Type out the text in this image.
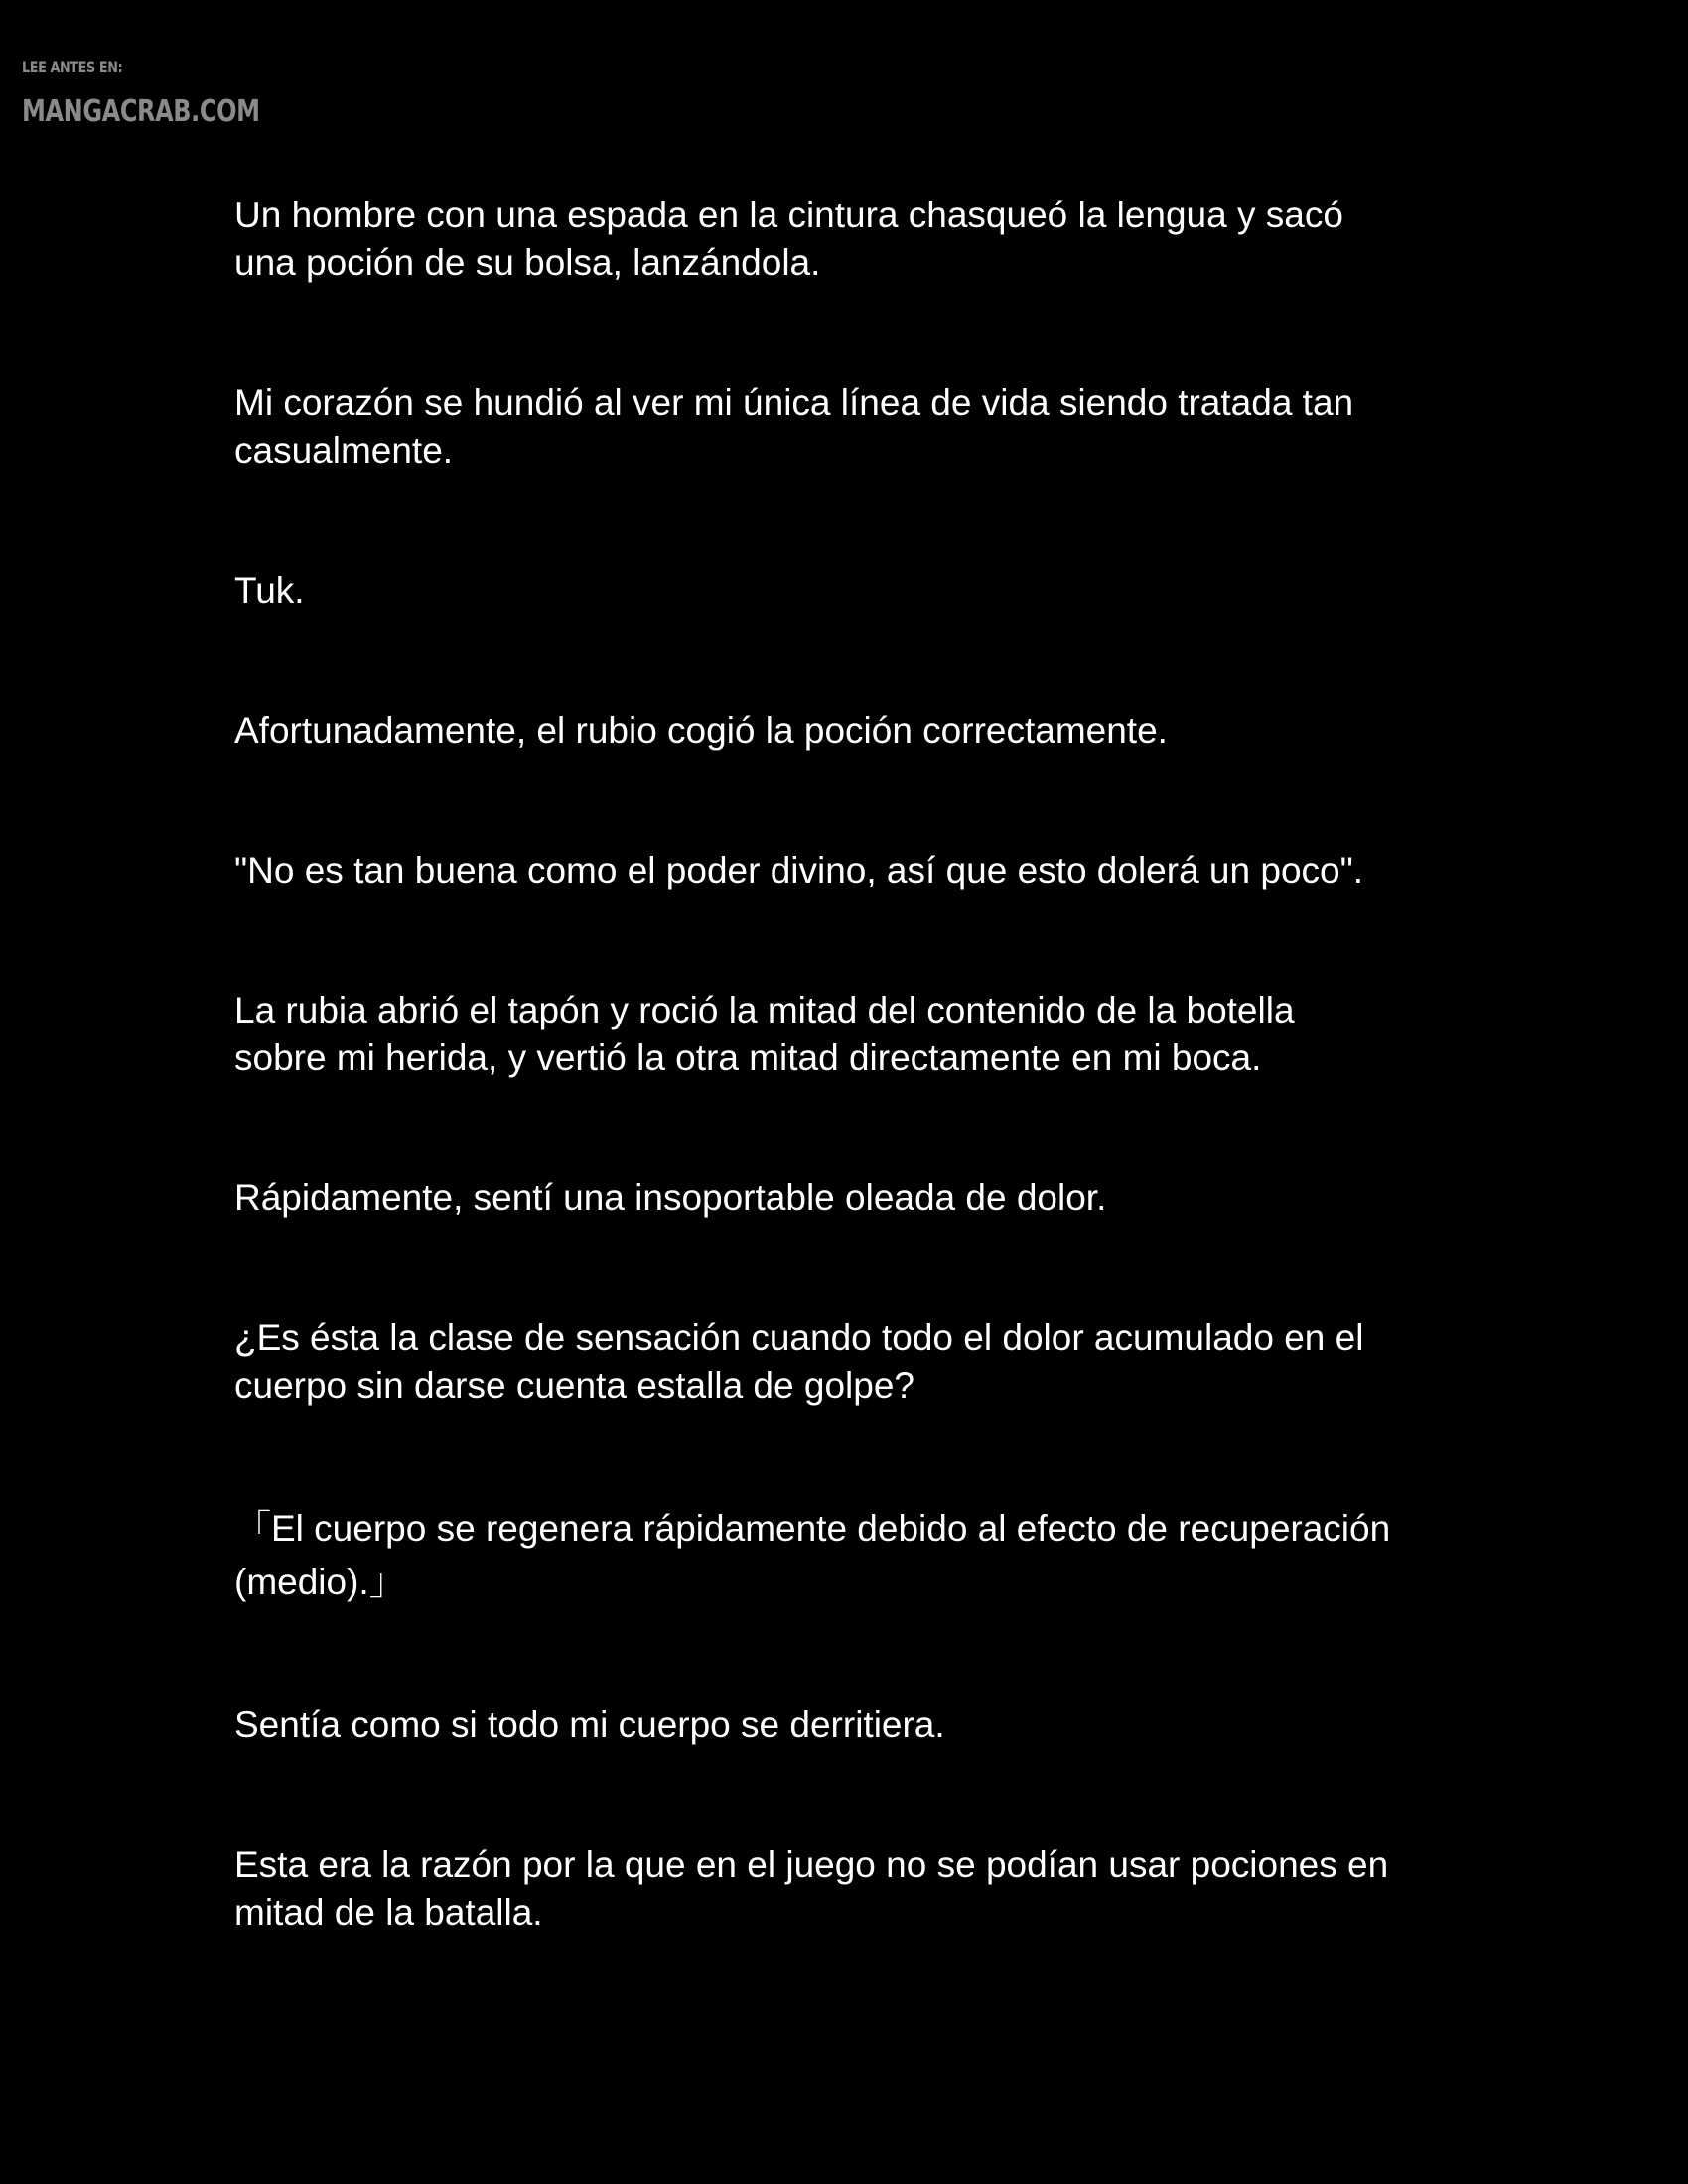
LEE ANTES EN:
MANGACRAB.COM

Un hombre con una espada en la cintura chasqueó la lengua y sacó
una poción de su bolsa, lanzándola.

Mi corazón se hundió al ver mi única línea de vida siendo tratada tan
casualmente.

Tuk.

Afortunadamente, el rubio cogió la poción correctamente.

"No es tan buena como el poder divino, así que esto dolerá un poco".

La rubia abrió el tapón y roció la mitad del contenido de la botella
sobre mi herida, y vertió la otra mitad directamente en mi boca.

Rápidamente, sentí una insoportable oleada de dolor.

¿Es ésta la clase de sensación cuando todo el dolor acumulado en el
cuerpo sin darse cuenta estalla de golpe?

「El cuerpo se regenera rápidamente debido al efecto de recuperación
(medio).」

Sentía como si todo mi cuerpo se derritiera.

Esta era la razón por la que en el juego no se podían usar pociones en
mitad de la batalla.
